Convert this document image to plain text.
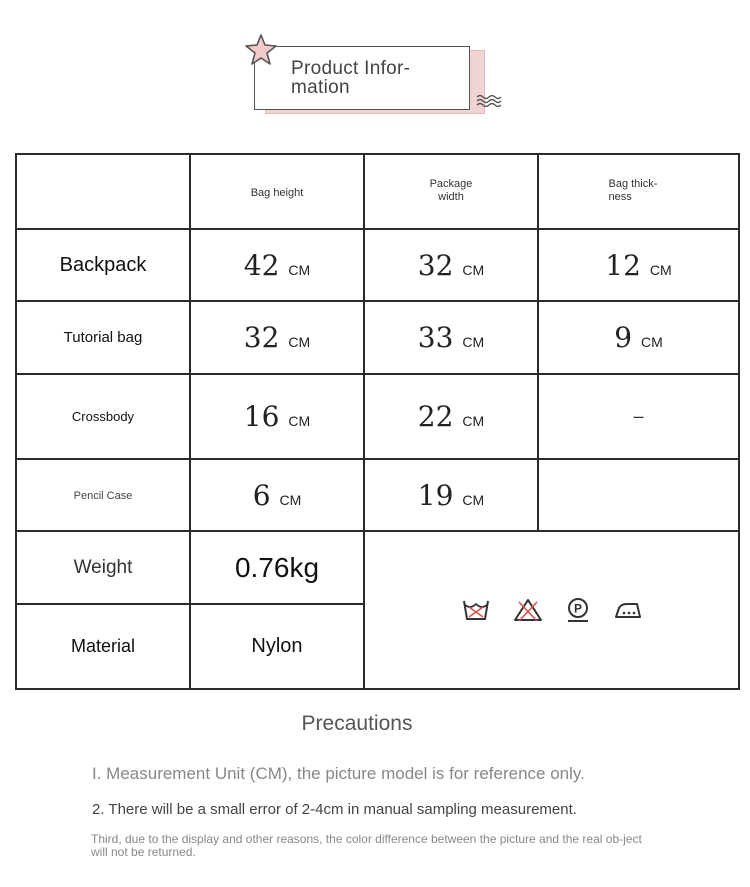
Product Infor-mation
	Bag height	Package width	Bag thick-ness
Backpack	42 CM	32 CM	12 CM
Tutorial bag	32 CM	33 CM	9 CM
Crossbody	16 CM	22 CM	–
Pencil Case	6 CM	19 CM	
Weight	0.76kg	P	

Material	Nylon		
Precautions
I. Measurement Unit (CM), the picture model is for reference only.
2. There will be a small error of 2-4cm in manual sampling measurement.
Third, due to the display and other reasons, the color difference between the picture and the real ob-ject will not be returned.
